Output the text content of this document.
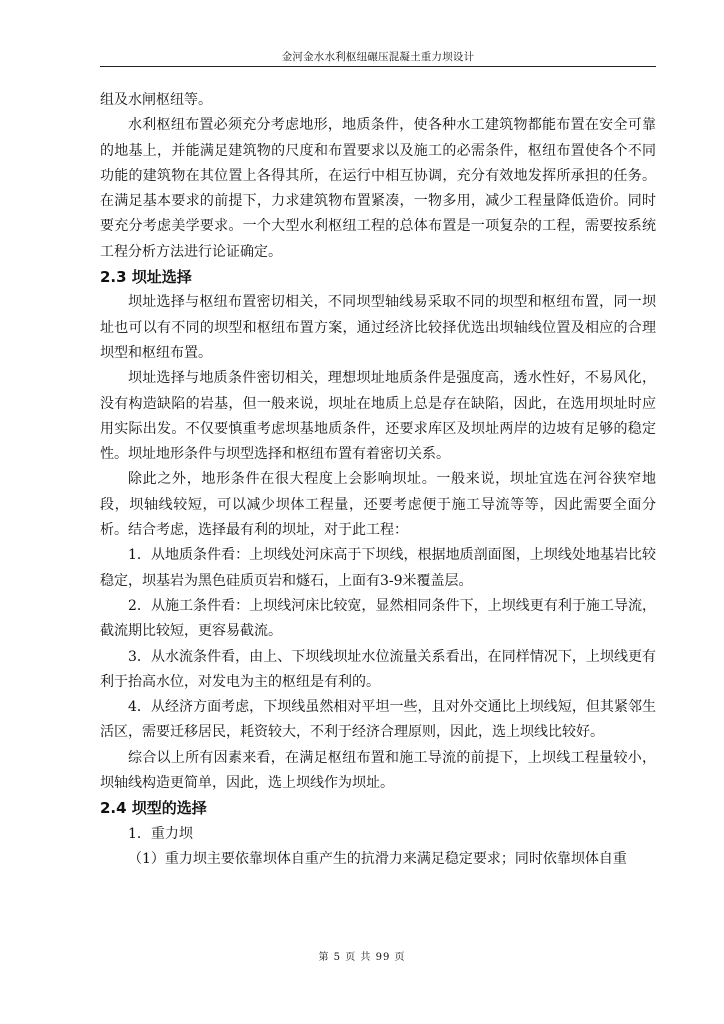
金河金水水利枢纽碾压混凝土重力坝设计

组及水闸枢纽等。

水利枢纽布置必须充分考虑地形，地质条件，使各种水工建筑物都能布置在安全可靠的地基上，并能满足建筑物的尺度和布置要求以及施工的必需条件，枢纽布置使各个不同功能的建筑物在其位置上各得其所，在运行中相互协调，充分有效地发挥所承担的任务。在满足基本要求的前提下，力求建筑物布置紧凑，一物多用，减少工程量降低造价。同时要充分考虑美学要求。一个大型水利枢纽工程的总体布置是一项复杂的工程，需要按系统工程分析方法进行论证确定。

2.3 坝址选择

坝址选择与枢纽布置密切相关，不同坝型轴线易采取不同的坝型和枢纽布置，同一坝址也可以有不同的坝型和枢纽布置方案，通过经济比较择优选出坝轴线位置及相应的合理坝型和枢纽布置。

坝址选择与地质条件密切相关，理想坝址地质条件是强度高，透水性好，不易风化，没有构造缺陷的岩基，但一般来说，坝址在地质上总是存在缺陷，因此，在选用坝址时应用实际出发。不仅要慎重考虑坝基地质条件，还要求库区及坝址两岸的边坡有足够的稳定性。坝址地形条件与坝型选择和枢纽布置有着密切关系。

除此之外，地形条件在很大程度上会影响坝址。一般来说，坝址宜选在河谷狭窄地段，坝轴线较短，可以减少坝体工程量，还要考虑便于施工导流等等，因此需要全面分析。结合考虑，选择最有利的坝址，对于此工程：

1．从地质条件看：上坝线处河床高于下坝线，根据地质剖面图，上坝线处地基岩比较稳定，坝基岩为黑色硅质页岩和燧石，上面有3-9米覆盖层。

2．从施工条件看：上坝线河床比较宽，显然相同条件下，上坝线更有利于施工导流，截流期比较短，更容易截流。

3．从水流条件看，由上、下坝线坝址水位流量关系看出，在同样情况下，上坝线更有利于抬高水位，对发电为主的枢纽是有利的。

4．从经济方面考虑，下坝线虽然相对平坦一些，且对外交通比上坝线短，但其紧邻生活区，需要迁移居民，耗资较大，不利于经济合理原则，因此，选上坝线比较好。

综合以上所有因素来看，在满足枢纽布置和施工导流的前提下，上坝线工程量较小，坝轴线构造更简单，因此，选上坝线作为坝址。

2.4 坝型的选择

1．重力坝

（1）重力坝主要依靠坝体自重产生的抗滑力来满足稳定要求；同时依靠坝体自重

第 5 页 共 99 页
